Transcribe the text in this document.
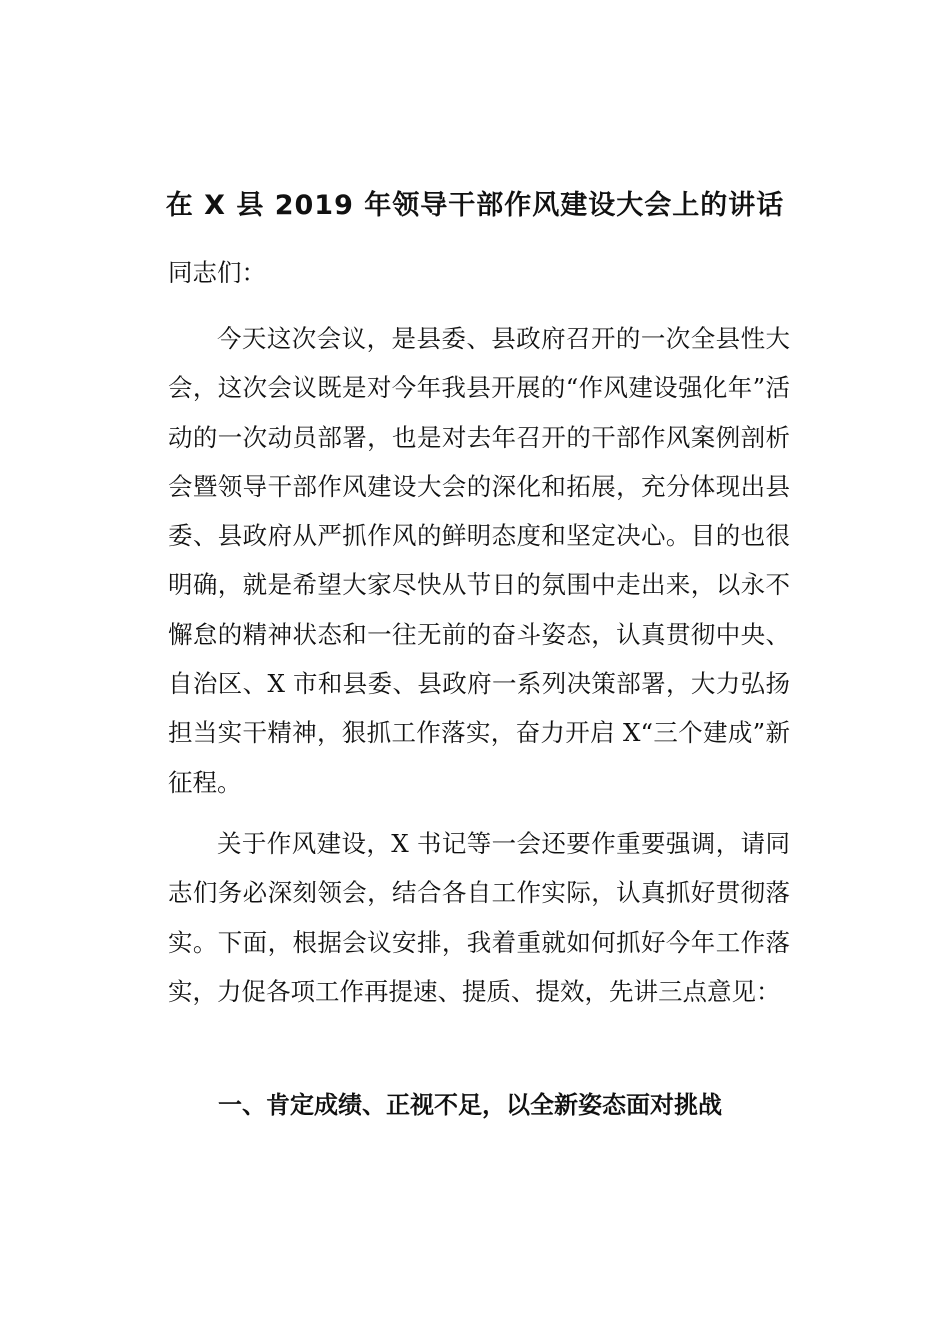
在 X 县 2019 年领导干部作风建设大会上的讲话

同志们：

今天这次会议，是县委、县政府召开的一次全县性大会，这次会议既是对今年我县开展的“作风建设强化年”活动的一次动员部署，也是对去年召开的干部作风案例剖析会暨领导干部作风建设大会的深化和拓展，充分体现出县委、县政府从严抓作风的鲜明态度和坚定决心。目的也很明确，就是希望大家尽快从节日的氛围中走出来，以永不懈怠的精神状态和一往无前的奋斗姿态，认真贯彻中央、自治区、X 市和县委、县政府一系列决策部署，大力弘扬担当实干精神，狠抓工作落实，奋力开启 X“三个建成”新征程。

关于作风建设，X 书记等一会还要作重要强调，请同志们务必深刻领会，结合各自工作实际，认真抓好贯彻落实。下面，根据会议安排，我着重就如何抓好今年工作落实，力促各项工作再提速、提质、提效，先讲三点意见：

一、肯定成绩、正视不足，以全新姿态面对挑战
